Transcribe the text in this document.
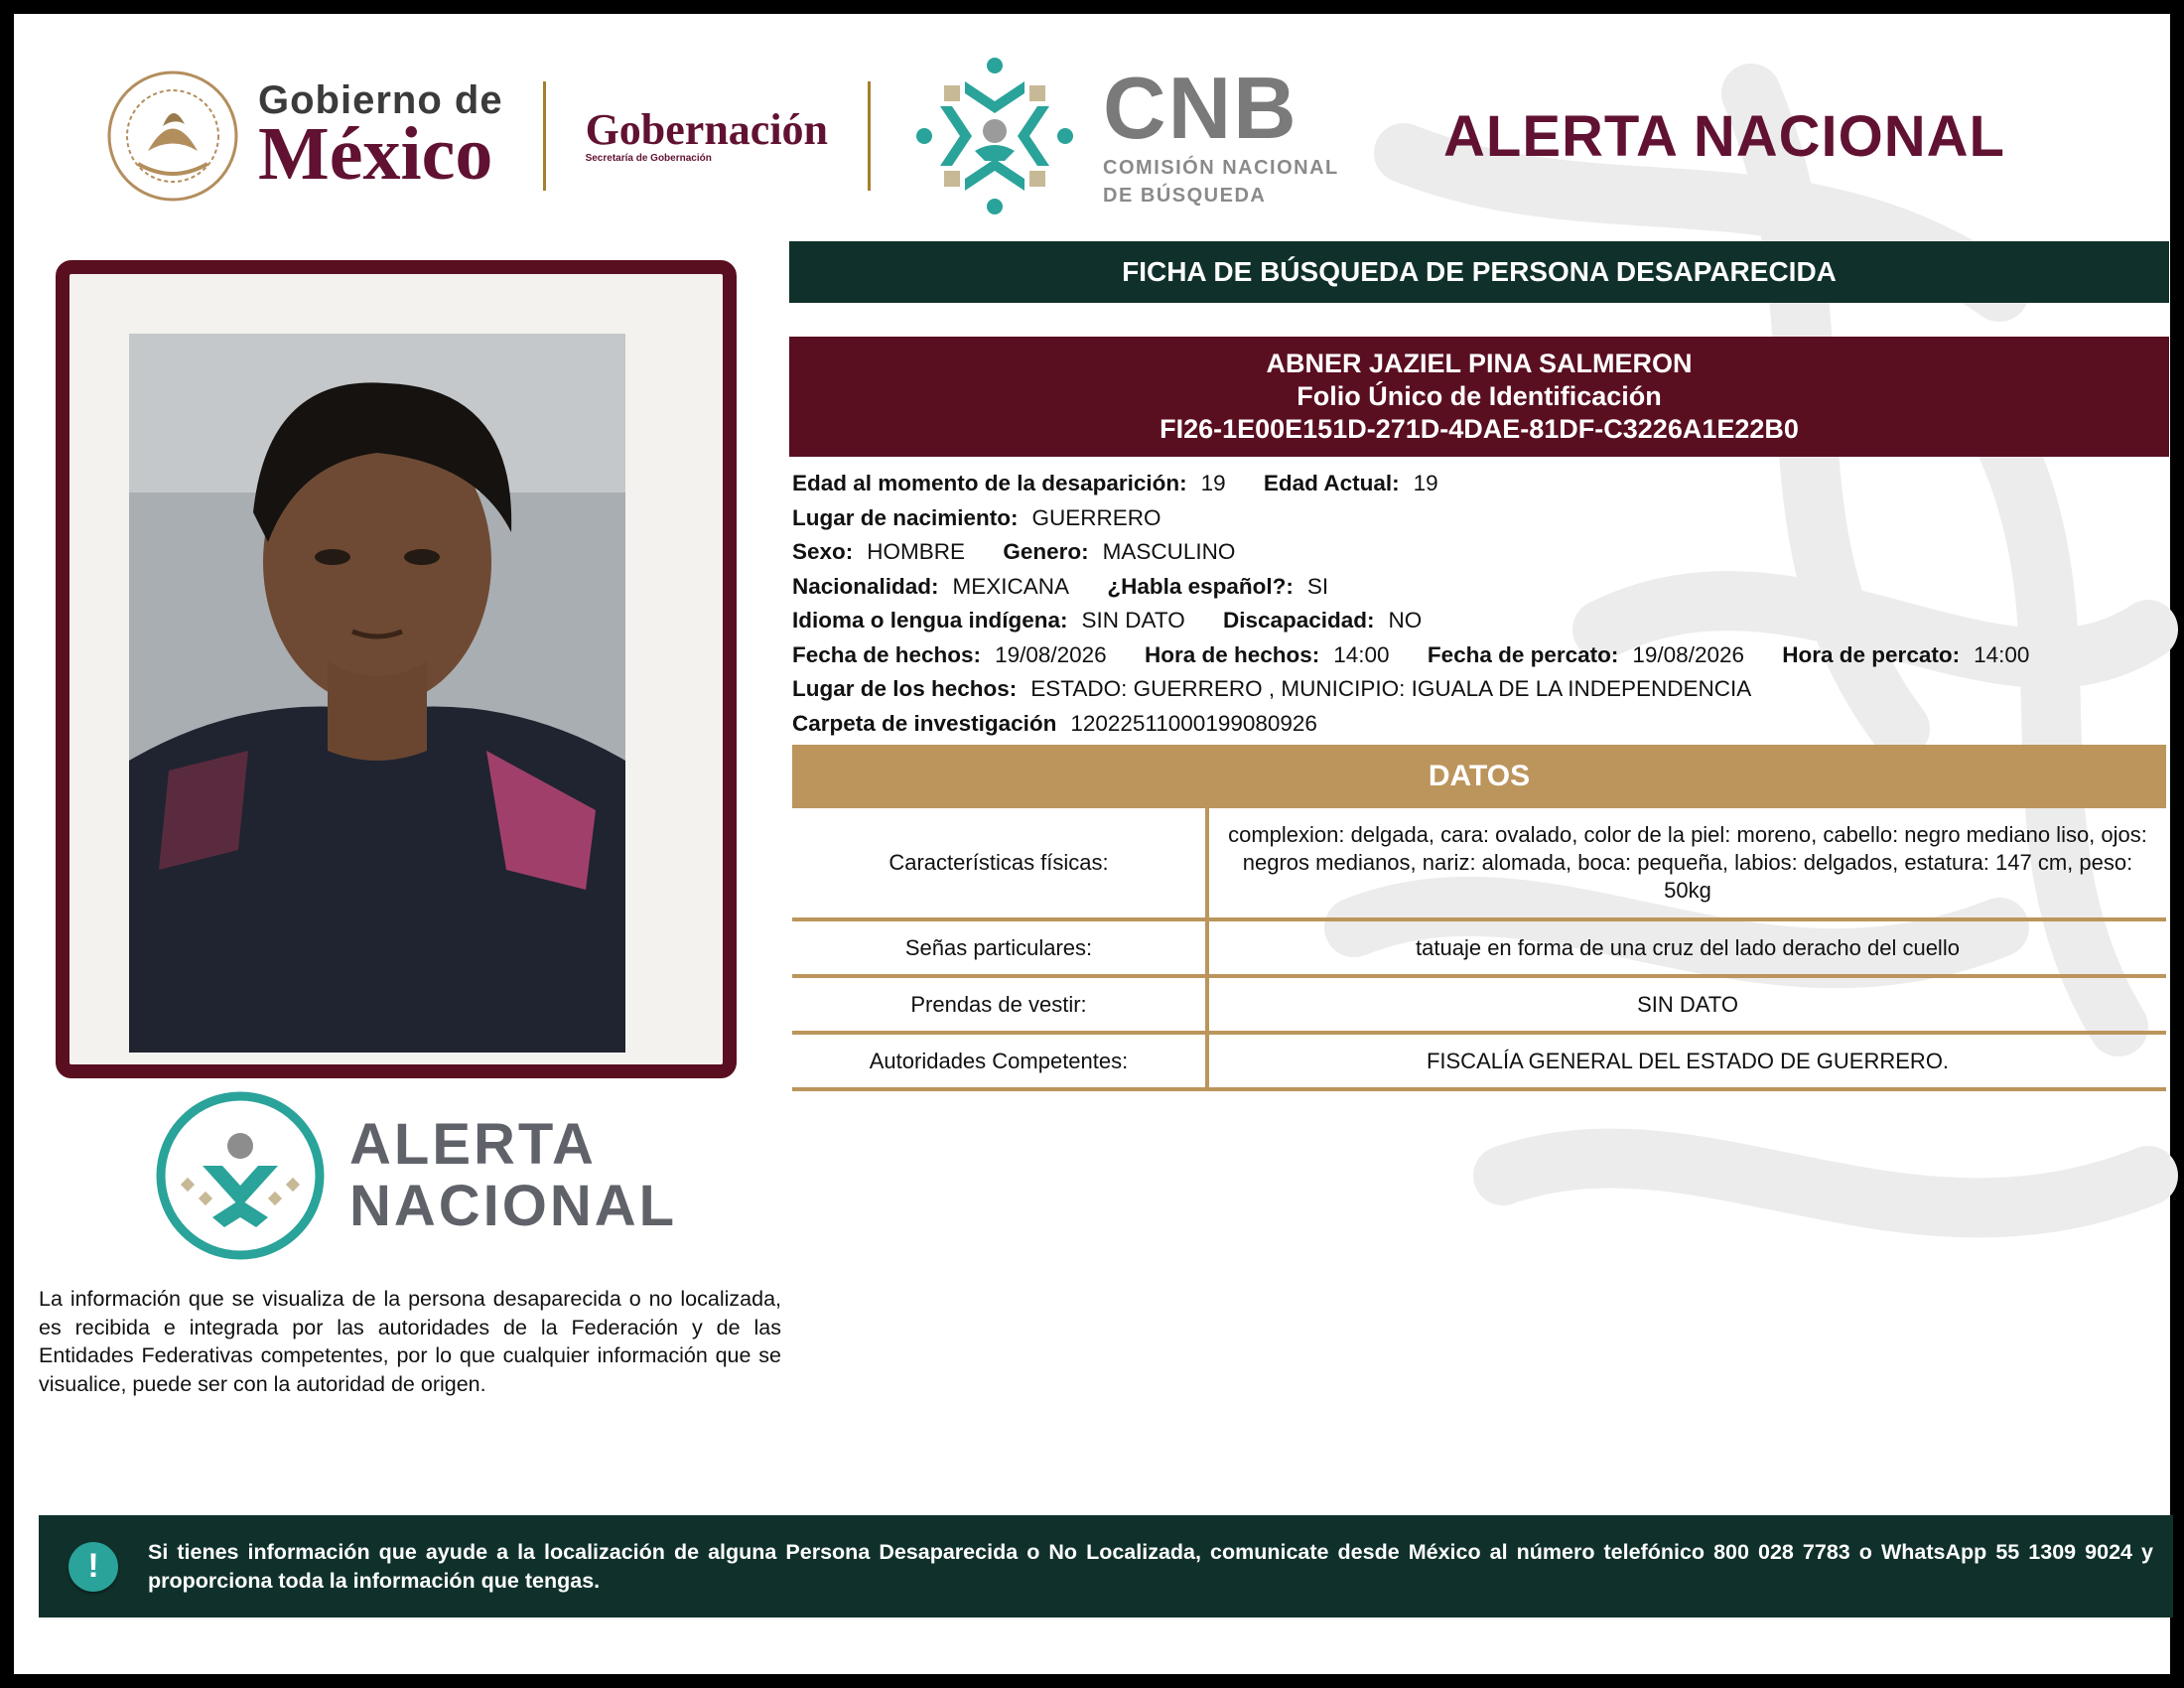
Gobierno de
México Gobernación
Secretaría de Gobernación
CNB
COMISIÓN NACIONAL
DE BÚSQUEDA
ALERTA NACIONAL
FICHA DE BÚSQUEDA DE PERSONA DESAPARECIDA
ABNER JAZIEL PINA SALMERON
Folio Único de Identificación
FI26-1E00E151D-271D-4DAE-81DF-C3226A1E22B0
Edad al momento de la desaparición: 19 Edad Actual: 19
Lugar de nacimiento: GUERRERO
Sexo: HOMBRE Genero: MASCULINO
Nacionalidad: MEXICANA ¿Habla español?: SI
Idioma o lengua indígena: SIN DATO Discapacidad: NO
Fecha de hechos: 19/08/2026 Hora de hechos: 14:00 Fecha de percato: 19/08/2026 Hora de percato: 14:00
Lugar de los hechos: ESTADO: GUERRERO , MUNICIPIO: IGUALA DE LA INDEPENDENCIA
Carpeta de investigación 12022511000199080926
DATOS
Características físicas:	complexion: delgada, cara: ovalado, color de la piel: moreno, cabello: negro mediano liso, ojos: negros medianos, nariz: alomada, boca: pequeña, labios: delgados, estatura: 147 cm, peso: 50kg
Señas particulares:	tatuaje en forma de una cruz del lado deracho del cuello
Prendas de vestir:	SIN DATO
Autoridades Competentes:	FISCALÍA GENERAL DEL ESTADO DE GUERRERO.
ALERTA
NACIONAL
La información que se visualiza de la persona desaparecida o no localizada, es recibida e integrada por las autoridades de la Federación y de las Entidades Federativas competentes, por lo que cualquier información que se visualice, puede ser con la autoridad de origen.
!	Si tienes información que ayude a la localización de alguna Persona Desaparecida o No Localizada, comunicate desde México al número telefónico 800 028 7783 o WhatsApp 55 1309 9024 y proporciona toda la información que tengas.
